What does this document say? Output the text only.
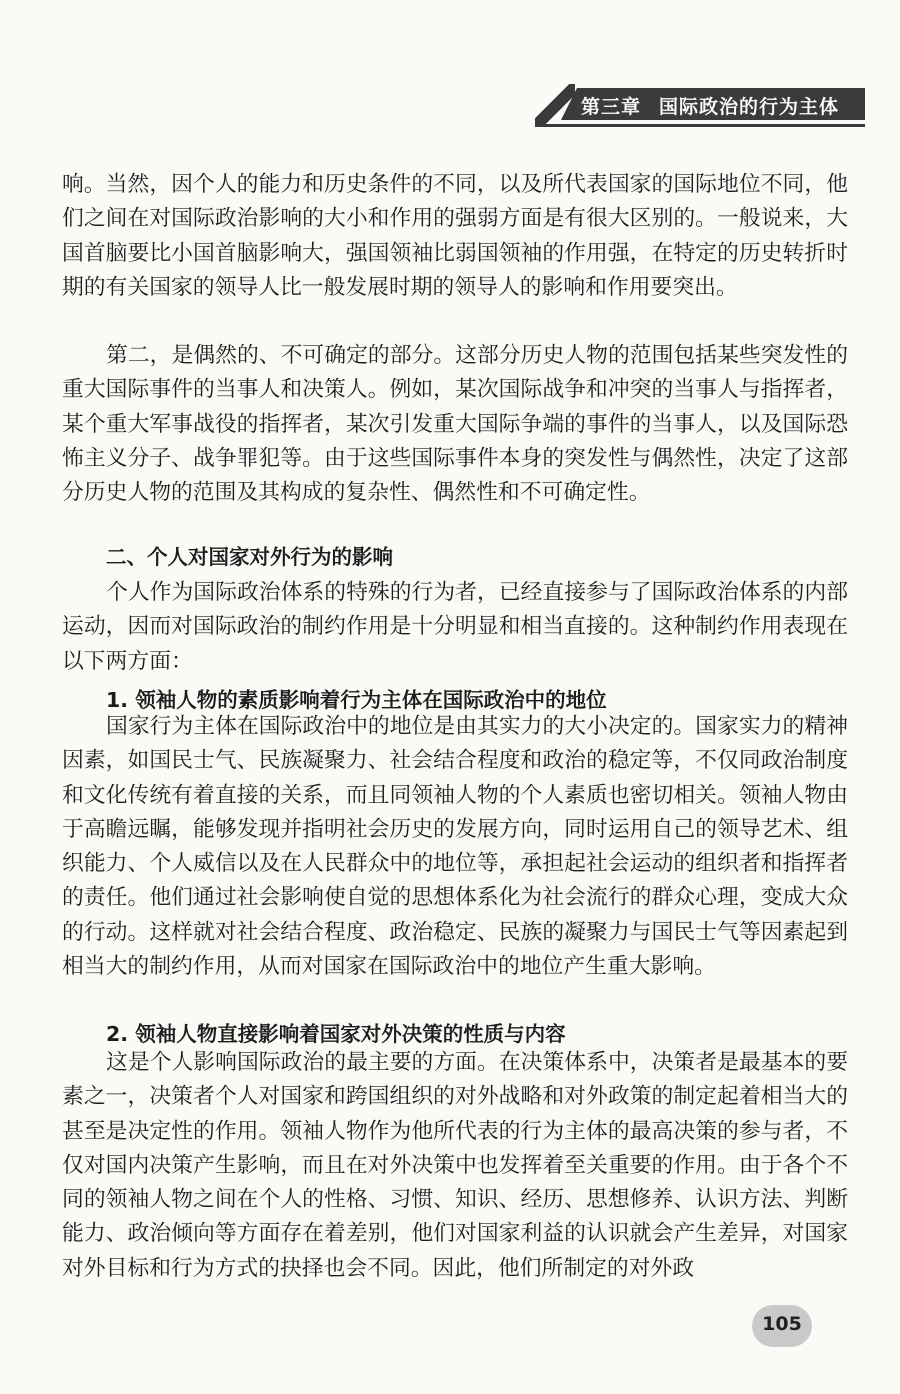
第三章 国际政治的行为主体

响。当然，因个人的能力和历史条件的不同，以及所代表国家的国际地位不同，他们之间在对国际政治影响的大小和作用的强弱方面是有很大区别的。一般说来，大国首脑要比小国首脑影响大，强国领袖比弱国领袖的作用强，在特定的历史转折时期的有关国家的领导人比一般发展时期的领导人的影响和作用要突出。

第二，是偶然的、不可确定的部分。这部分历史人物的范围包括某些突发性的重大国际事件的当事人和决策人。例如，某次国际战争和冲突的当事人与指挥者，某个重大军事战役的指挥者，某次引发重大国际争端的事件的当事人，以及国际恐怖主义分子、战争罪犯等。由于这些国际事件本身的突发性与偶然性，决定了这部分历史人物的范围及其构成的复杂性、偶然性和不可确定性。

二、个人对国家对外行为的影响

个人作为国际政治体系的特殊的行为者，已经直接参与了国际政治体系的内部运动，因而对国际政治的制约作用是十分明显和相当直接的。这种制约作用表现在以下两方面：

1. 领袖人物的素质影响着行为主体在国际政治中的地位

国家行为主体在国际政治中的地位是由其实力的大小决定的。国家实力的精神因素，如国民士气、民族凝聚力、社会结合程度和政治的稳定等，不仅同政治制度和文化传统有着直接的关系，而且同领袖人物的个人素质也密切相关。领袖人物由于高瞻远瞩，能够发现并指明社会历史的发展方向，同时运用自己的领导艺术、组织能力、个人威信以及在人民群众中的地位等，承担起社会运动的组织者和指挥者的责任。他们通过社会影响使自觉的思想体系化为社会流行的群众心理，变成大众的行动。这样就对社会结合程度、政治稳定、民族的凝聚力与国民士气等因素起到相当大的制约作用，从而对国家在国际政治中的地位产生重大影响。

2. 领袖人物直接影响着国家对外决策的性质与内容

这是个人影响国际政治的最主要的方面。在决策体系中，决策者是最基本的要素之一，决策者个人对国家和跨国组织的对外战略和对外政策的制定起着相当大的甚至是决定性的作用。领袖人物作为他所代表的行为主体的最高决策的参与者，不仅对国内决策产生影响，而且在对外决策中也发挥着至关重要的作用。由于各个不同的领袖人物之间在个人的性格、习惯、知识、经历、思想修养、认识方法、判断能力、政治倾向等方面存在着差别，他们对国家利益的认识就会产生差异，对国家对外目标和行为方式的抉择也会不同。因此，他们所制定的对外政

105
